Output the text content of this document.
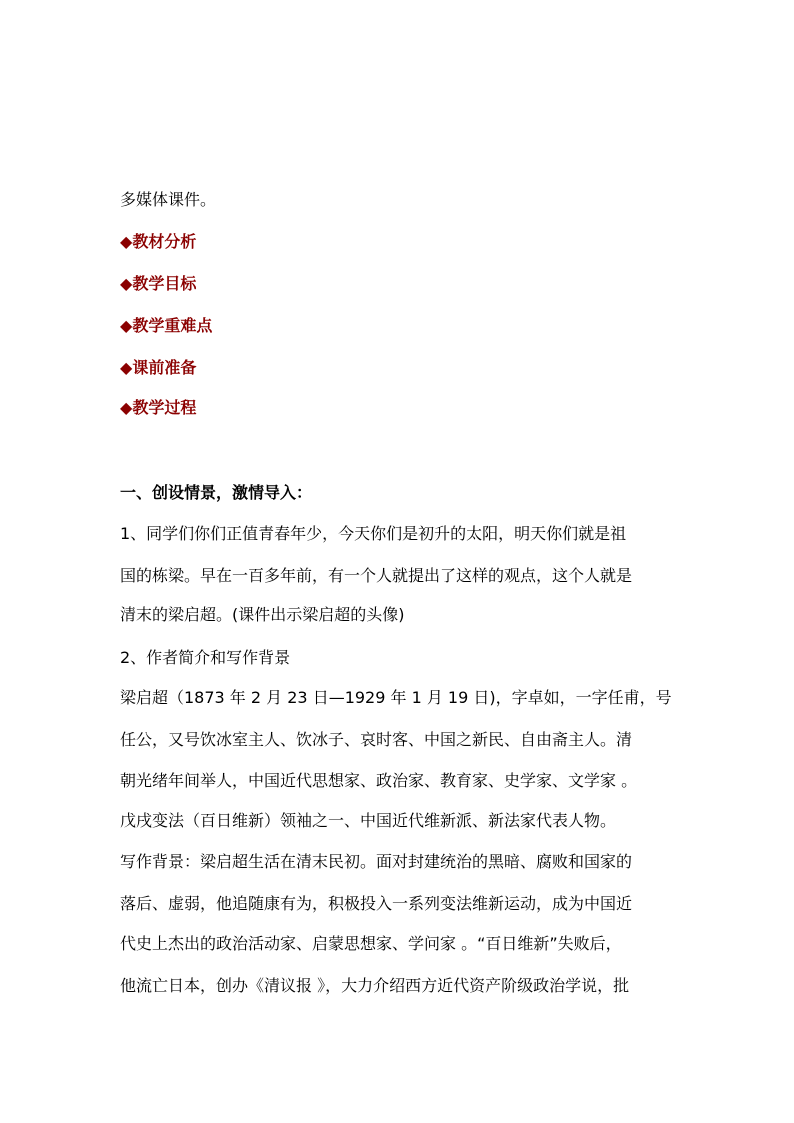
多媒体课件。
◆教材分析
◆教学目标
◆教学重难点
◆课前准备
◆教学过程
一、创设情景，激情导入：
1、同学们你们正值青春年少，今天你们是初升的太阳，明天你们就是祖
国的栋梁。早在一百多年前，有一个人就提出了这样的观点，这个人就是
清末的梁启超。(课件出示梁启超的头像)
2、作者简介和写作背景
梁启超（1873 年 2 月 23 日—1929 年 1 月 19 日)，字卓如，一字任甫，号
任公，又号饮冰室主人、饮冰子、哀时客、中国之新民、自由斋主人。清
朝光绪年间举人，中国近代思想家、政治家、教育家、史学家、文学家 。
戊戌变法（百日维新）领袖之一、中国近代维新派、新法家代表人物。
写作背景：梁启超生活在清末民初。面对封建统治的黑暗、腐败和国家的
落后、虚弱，他追随康有为，积极投入一系列变法维新运动，成为中国近
代史上杰出的政治活动家、启蒙思想家、学问家 。“百日维新”失败后，
他流亡日本，创办《清议报 》，大力介绍西方近代资产阶级政治学说，批
